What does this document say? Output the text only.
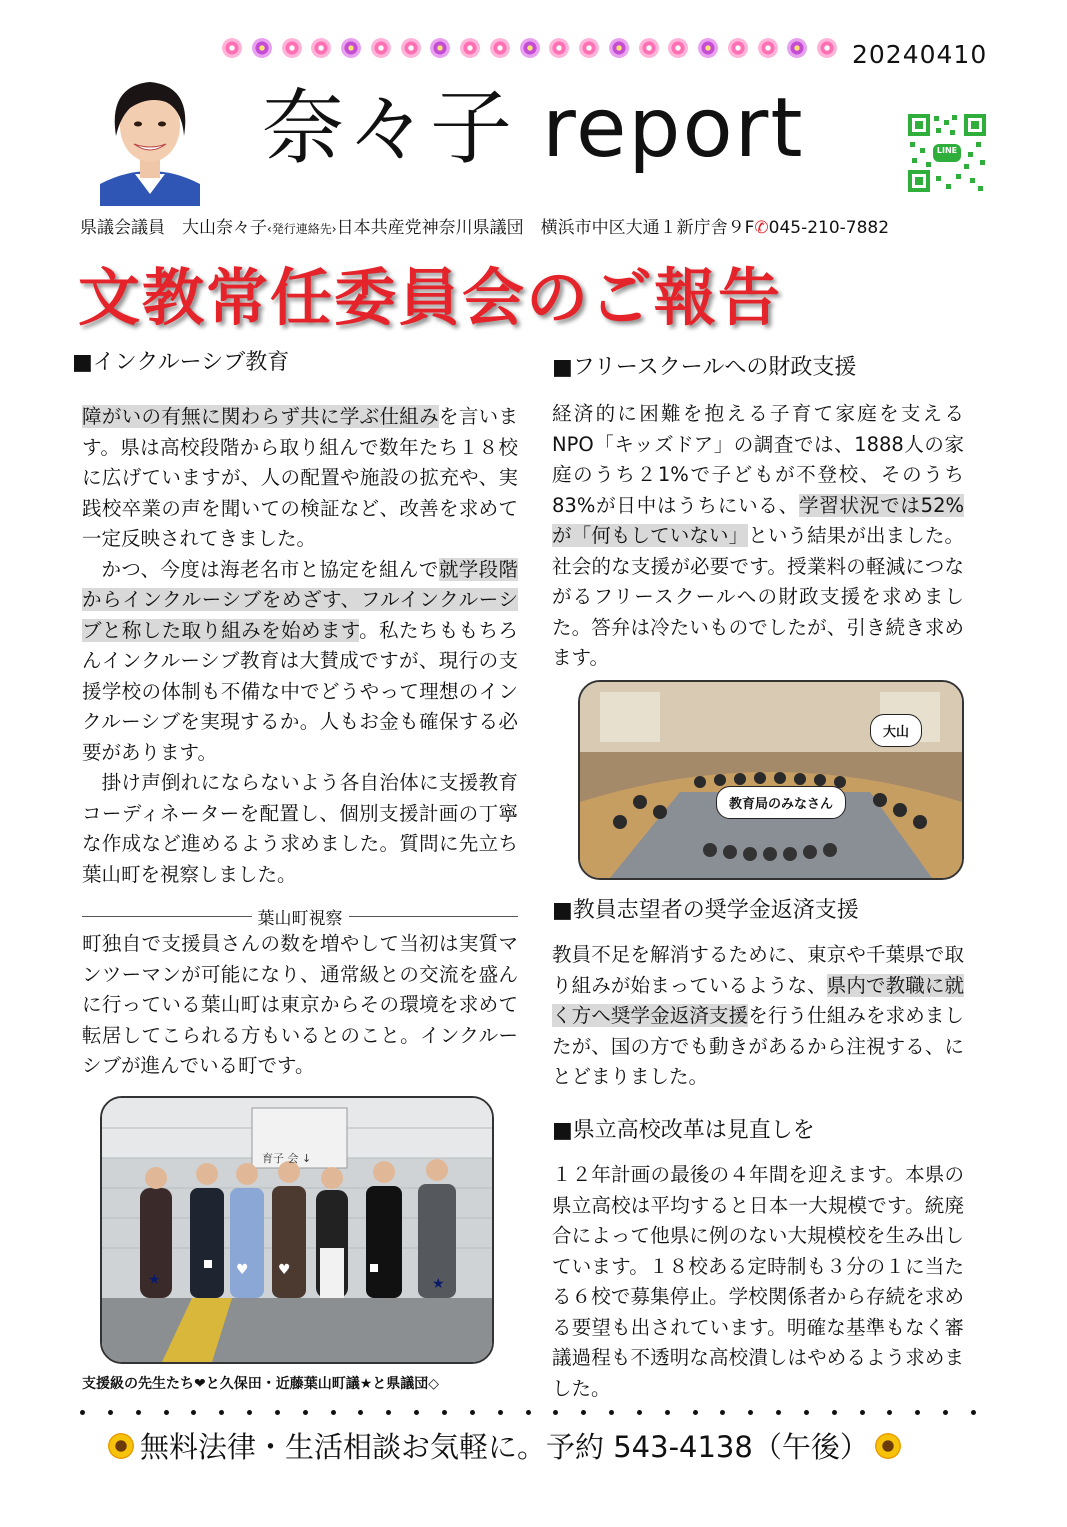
20240410
奈々子 report	LINE
県議会議員　大山奈々子‹発行連絡先›日本共産党神奈川県議団　横浜市中区大通１新庁舎９F✆045-210-7882
文教常任委員会のご報告
■インクルーシブ教育

障がいの有無に関わらず共に学ぶ仕組みを言います。県は高校段階から取り組んで数年たち１８校に広げていますが、人の配置や施設の拡充や、実践校卒業の声を聞いての検証など、改善を求めて一定反映されてきました。

かつ、今度は海老名市と協定を組んで就学段階からインクルーシブをめざす、フルインクルーシブと称した取り組みを始めます。私たちももちろんインクルーシブ教育は大賛成ですが、現行の支援学校の体制も不備な中でどうやって理想のインクルーシブを実現するか。人もお金も確保する必要があります。

掛け声倒れにならないよう各自治体に支援教育コーディネーターを配置し、個別支援計画の丁寧な作成など進めるよう求めました。質問に先立ち葉山町を視察しました。

葉山町視察
町独自で支援員さんの数を増やして当初は実質マンツーマンが可能になり、通常級との交流を盛んに行っている葉山町は東京からその環境を求めて転居してこられる方もいるとのこと。インクルーシブが進んでいる町です。
★	★
♥ ♥
育子 会 ↓
支援級の先生たち❤と久保田・近藤葉山町議★と県議団◇
■フリースクールへの財政支援

経済的に困難を抱える子育て家庭を支えるNPO「キッズドア」の調査では、1888人の家庭のうち２1%で子どもが不登校、そのうち83%が日中はうちにいる、学習状況では52%が「何もしていない」という結果が出ました。社会的な支援が必要です。授業料の軽減につながるフリースクールへの財政支援を求めました。答弁は冷たいものでしたが、引き続き求めます。

大山
教育局のみなさん
■教員志望者の奨学金返済支援

教員不足を解消するために、東京や千葉県で取り組みが始まっているような、県内で教職に就く方へ奨学金返済支援を行う仕組みを求めましたが、国の方でも動きがあるから注視する、にとどまりました。

■県立高校改革は見直しを
１２年計画の最後の４年間を迎えます。本県の県立高校は平均すると日本一大規模です。統廃合によって他県に例のない大規模校を生み出しています。１８校ある定時制も３分の１に当たる６校で募集停止。学校関係者から存続を求める要望も出されています。明確な基準もなく審議過程も不透明な高校潰しはやめるよう求めました。
無料法律・生活相談お気軽に。予約 543-4138（午後）
